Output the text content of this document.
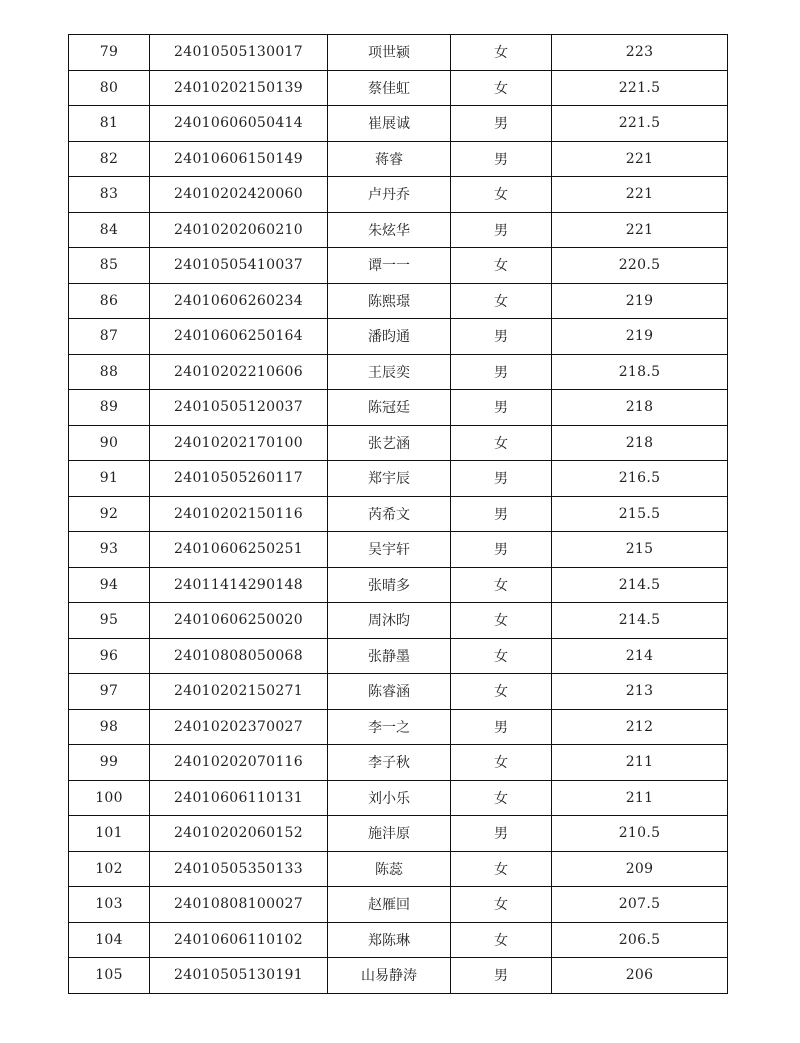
79	24010505130017	项世颍	女	223
80	24010202150139	蔡佳虹	女	221.5
81	24010606050414	崔展诚	男	221.5
82	24010606150149	蒋睿	男	221
83	24010202420060	卢丹乔	女	221
84	24010202060210	朱炫华	男	221
85	24010505410037	谭一一	女	220.5
86	24010606260234	陈熙璟	女	219
87	24010606250164	潘昀通	男	219
88	24010202210606	王辰奕	男	218.5
89	24010505120037	陈冠廷	男	218
90	24010202170100	张艺涵	女	218
91	24010505260117	郑宇辰	男	216.5
92	24010202150116	芮希文	男	215.5
93	24010606250251	吴宇轩	男	215
94	24011414290148	张晴多	女	214.5
95	24010606250020	周沐昀	女	214.5
96	24010808050068	张静墨	女	214
97	24010202150271	陈睿涵	女	213
98	24010202370027	李一之	男	212
99	24010202070116	李子秋	女	211
100	24010606110131	刘小乐	女	211
101	24010202060152	施沣原	男	210.5
102	24010505350133	陈蕊	女	209
103	24010808100027	赵雁回	女	207.5
104	24010606110102	郑陈琳	女	206.5
105	24010505130191	山易静涛	男	206
